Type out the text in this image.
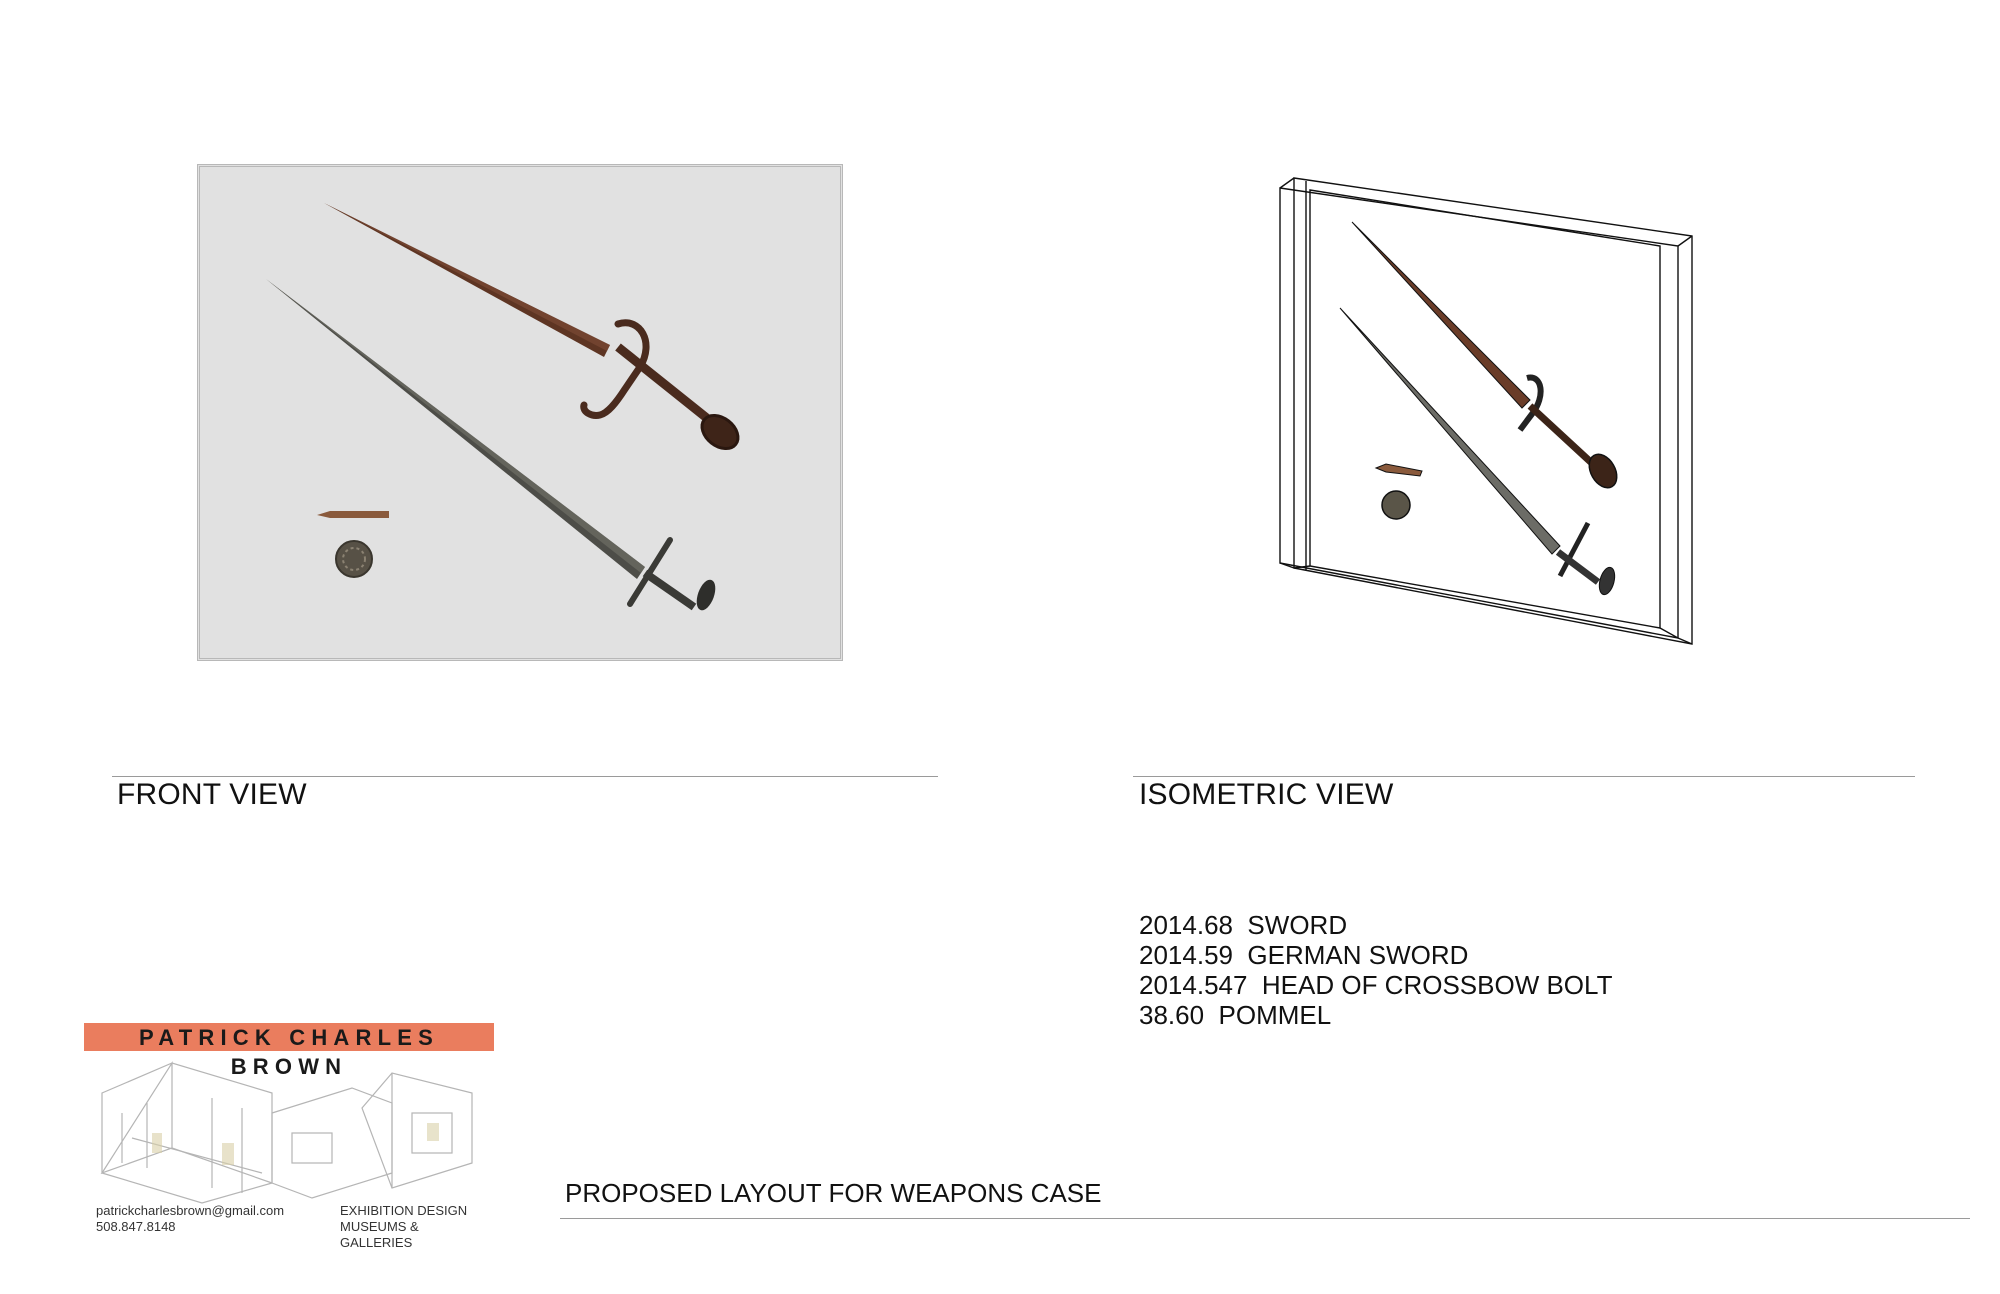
FRONT VIEW	ISOMETRIC VIEW
2014.68  SWORD
2014.59  GERMAN SWORD
2014.547  HEAD OF CROSSBOW BOLT
38.60  POMMEL
PROPOSED LAYOUT FOR WEAPONS CASE
PATRICK CHARLES BROWN
patrickcharlesbrown@gmail.com
508.847.8148
EXHIBITION DESIGN
MUSEUMS & GALLERIES
